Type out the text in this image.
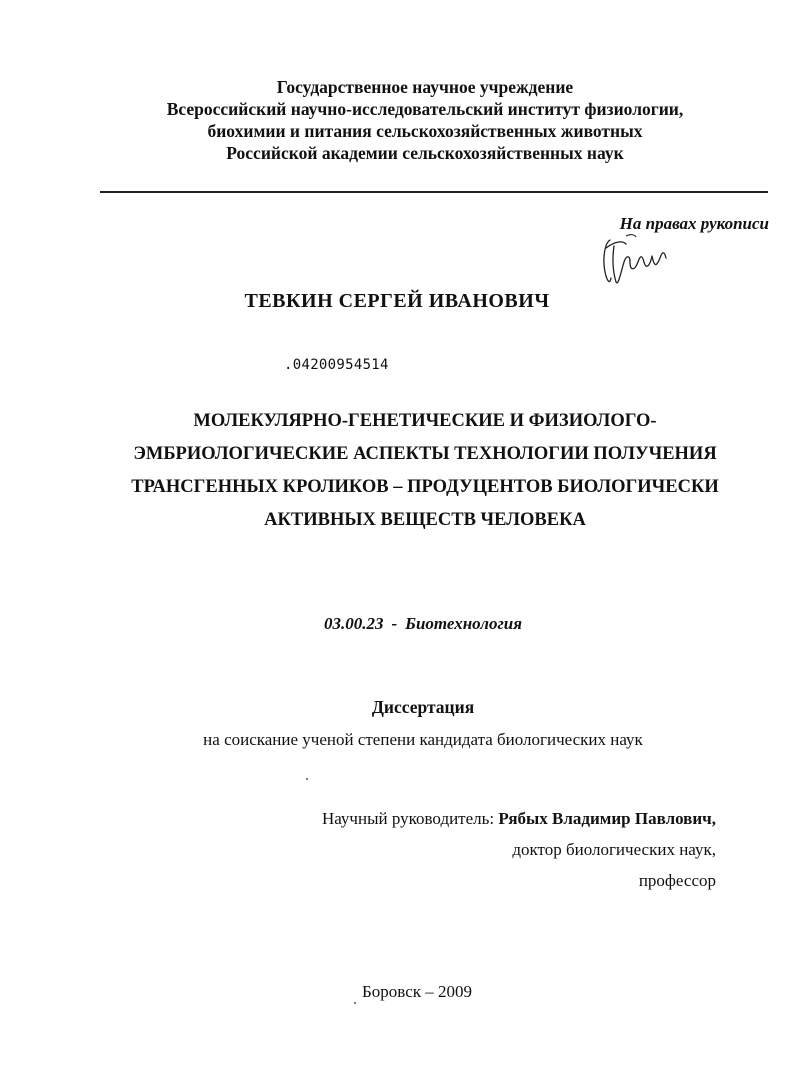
Государственное научное учреждение
Всероссийский научно-исследовательский институт физиологии,
биохимии и питания сельскохозяйственных животных
Российской академии сельскохозяйственных наук
На правах рукописи
ТЕВКИН СЕРГЕЙ ИВАНОВИЧ
.04200954514
МОЛЕКУЛЯРНО-ГЕНЕТИЧЕСКИЕ И ФИЗИОЛОГО-
ЭМБРИОЛОГИЧЕСКИЕ АСПЕКТЫ ТЕХНОЛОГИИ ПОЛУЧЕНИЯ
ТРАНСГЕННЫХ КРОЛИКОВ – ПРОДУЦЕНТОВ БИОЛОГИЧЕСКИ
АКТИВНЫХ ВЕЩЕСТВ ЧЕЛОВЕКА
03.00.23 - Биотехнология
Диссертация
на соискание ученой степени кандидата биологических наук
Научный руководитель: Рябых Владимир Павлович,
доктор биологических наук,
профессор
Боровск – 2009
